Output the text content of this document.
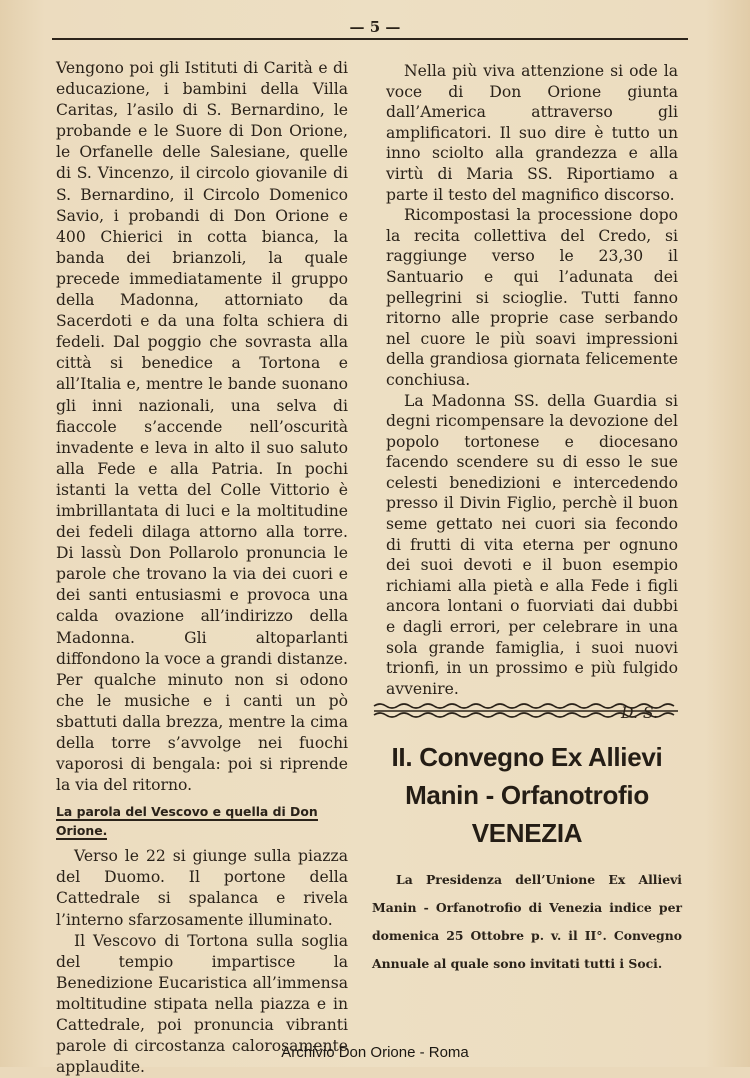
— 5 —

Vengono poi gli Istituti di Carità e di educazione, i bambini della Villa Caritas, l’asilo di S. Bernardino, le probande e le Suore di Don Orione, le Orfanelle delle Salesiane, quelle di S. Vincenzo, il circolo giovanile di S. Bernardino, il Circolo Domenico Savio, i probandi di Don Orione e 400 Chierici in cotta bianca, la banda dei brianzoli, la quale precede immediatamente il gruppo della Madonna, attorniato da Sacerdoti e da una folta schiera di fedeli. Dal poggio che sovrasta alla città si benedice a Tortona e all’Italia e, mentre le bande suonano gli inni nazionali, una selva di fiaccole s’accende nell’oscurità invadente e leva in alto il suo saluto alla Fede e alla Patria. In pochi istanti la vetta del Colle Vittorio è imbrillantata di luci e la moltitudine dei fedeli dilaga attorno alla torre. Di lassù Don Pollarolo pronuncia le parole che trovano la via dei cuori e dei santi entusiasmi e provoca una calda ovazione all’indirizzo della Madonna. Gli altoparlanti diffondono la voce a grandi distanze. Per qualche minuto non si odono che le musiche e i canti un pò sbattuti dalla brezza, mentre la cima della torre s’avvolge nei fuochi vaporosi di bengala: poi si riprende la via del ritorno.

La parola del Vescovo e quella di Don Orione.

Verso le 22 si giunge sulla piazza del Duomo. Il portone della Cattedrale si spalanca e rivela l’interno sfarzosamente illuminato.

Il Vescovo di Tortona sulla soglia del tempio impartisce la Benedizione Eucaristica all’immensa moltitudine stipata nella piazza e in Cattedrale, poi pronuncia vibranti parole di circostanza calorosamente applaudite.

Nella più viva attenzione si ode la voce di Don Orione giunta dall’America attraverso gli amplificatori. Il suo dire è tutto un inno sciolto alla grandezza e alla virtù di Maria SS. Riportiamo a parte il testo del magnifico discorso.

Ricompostasi la processione dopo la recita collettiva del Credo, si raggiunge verso le 23,30 il Santuario e qui l’adunata dei pellegrini si scioglie. Tutti fanno ritorno alle proprie case serbando nel cuore le più soavi impressioni della grandiosa giornata felicemente conchiusa.

La Madonna SS. della Guardia si degni ricompensare la devozione del popolo tortonese e diocesano facendo scendere su di esso le sue celesti benedizioni e intercedendo presso il Divin Figlio, perchè il buon seme gettato nei cuori sia fecondo di frutti di vita eterna per ognuno dei suoi devoti e il buon esempio richiami alla pietà e alla Fede i figli ancora lontani o fuorviati dai dubbi e dagli errori, per celebrare in una sola grande famiglia, i suoi nuovi trionfi, in un prossimo e più fulgido avvenire.

D. S.
II. Convegno Ex Allievi
Manin - Orfanotrofio
VENEZIA

La Presidenza dell’Unione Ex Allievi Manin - Orfanotrofio di Venezia indice per domenica 25 Ottobre p. v. il II°. Convegno Annuale al quale sono invitati tutti i Soci.

Archivio Don Orione - Roma
